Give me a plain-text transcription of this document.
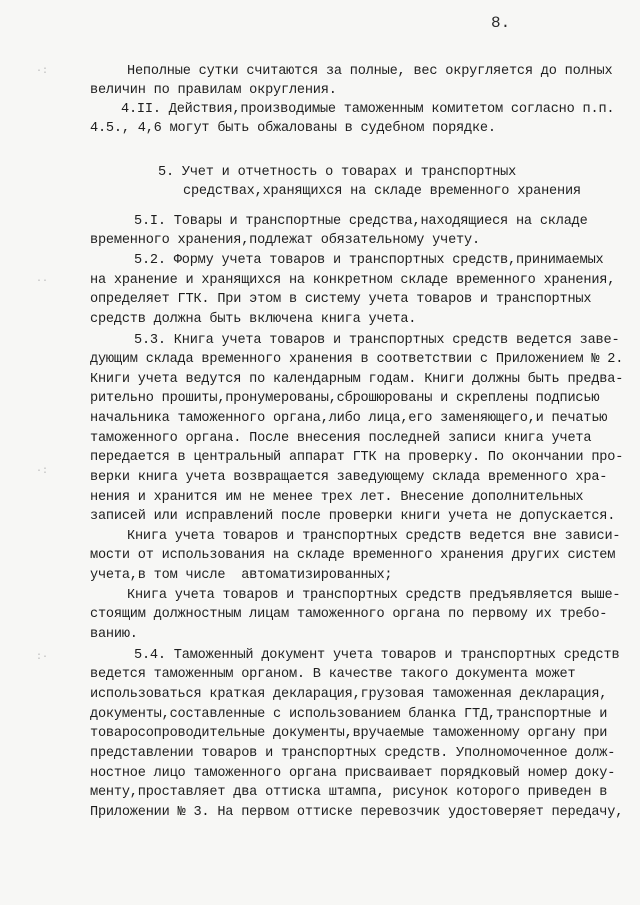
8.
·:
··
·:
:·
Неполные сутки считаются за полные, вес округляется до полных
величин по правилам округления.
4.II. Действия,производимые таможенным комитетом согласно п.п.
4.5., 4,6 могут быть обжалованы в судебном порядке.
5. Учет и отчетность о товарах и транспортных
средствах,хранящихся на складе временного хранения
5.I. Товары и транспортные средства,находящиеся на складе
временного хранения,подлежат обязательному учету.
5.2. Форму учета товаров и транспортных средств,принимаемых
на хранение и хранящихся на конкретном складе временного хранения,
определяет ГТК. При этом в систему учета товаров и транспортных
средств должна быть включена книга учета.
5.3. Книга учета товаров и транспортных средств ведется заве-
дующим склада временного хранения в соответствии с Приложением № 2.
Книги учета ведутся по календарным годам. Книги должны быть предва-
рительно прошиты,пронумерованы,сброшюрованы и скреплены подписью
начальника таможенного органа,либо лица,его заменяющего,и печатью
таможенного органа. После внесения последней записи книга учета
передается в центральный аппарат ГТК на проверку. По окончании про-
верки книга учета возвращается заведующему склада временного хра-
нения и хранится им не менее трех лет. Внесение дополнительных
записей или исправлений после проверки книги учета не допускается.
Книга учета товаров и транспортных средств ведется вне зависи-
мости от использования на складе временного хранения других систем
учета,в том числе  автоматизированных;
Книга учета товаров и транспортных средств предъявляется выше-
стоящим должностным лицам таможенного органа по первому их требо-
ванию.
5.4. Таможенный документ учета товаров и транспортных средств
ведется таможенным органом. В качестве такого документа может
использоваться краткая декларация,грузовая таможенная декларация,
документы,составленные с использованием бланка ГТД,транспортные и
товаросопроводительные документы,вручаемые таможенному органу при
представлении товаров и транспортных средств. Уполномоченное долж-
ностное лицо таможенного органа присваивает порядковый номер доку-
менту,проставляет два оттиска штампа, рисунок которого приведен в
Приложении № 3. На первом оттиске перевозчик удостоверяет передачу,
